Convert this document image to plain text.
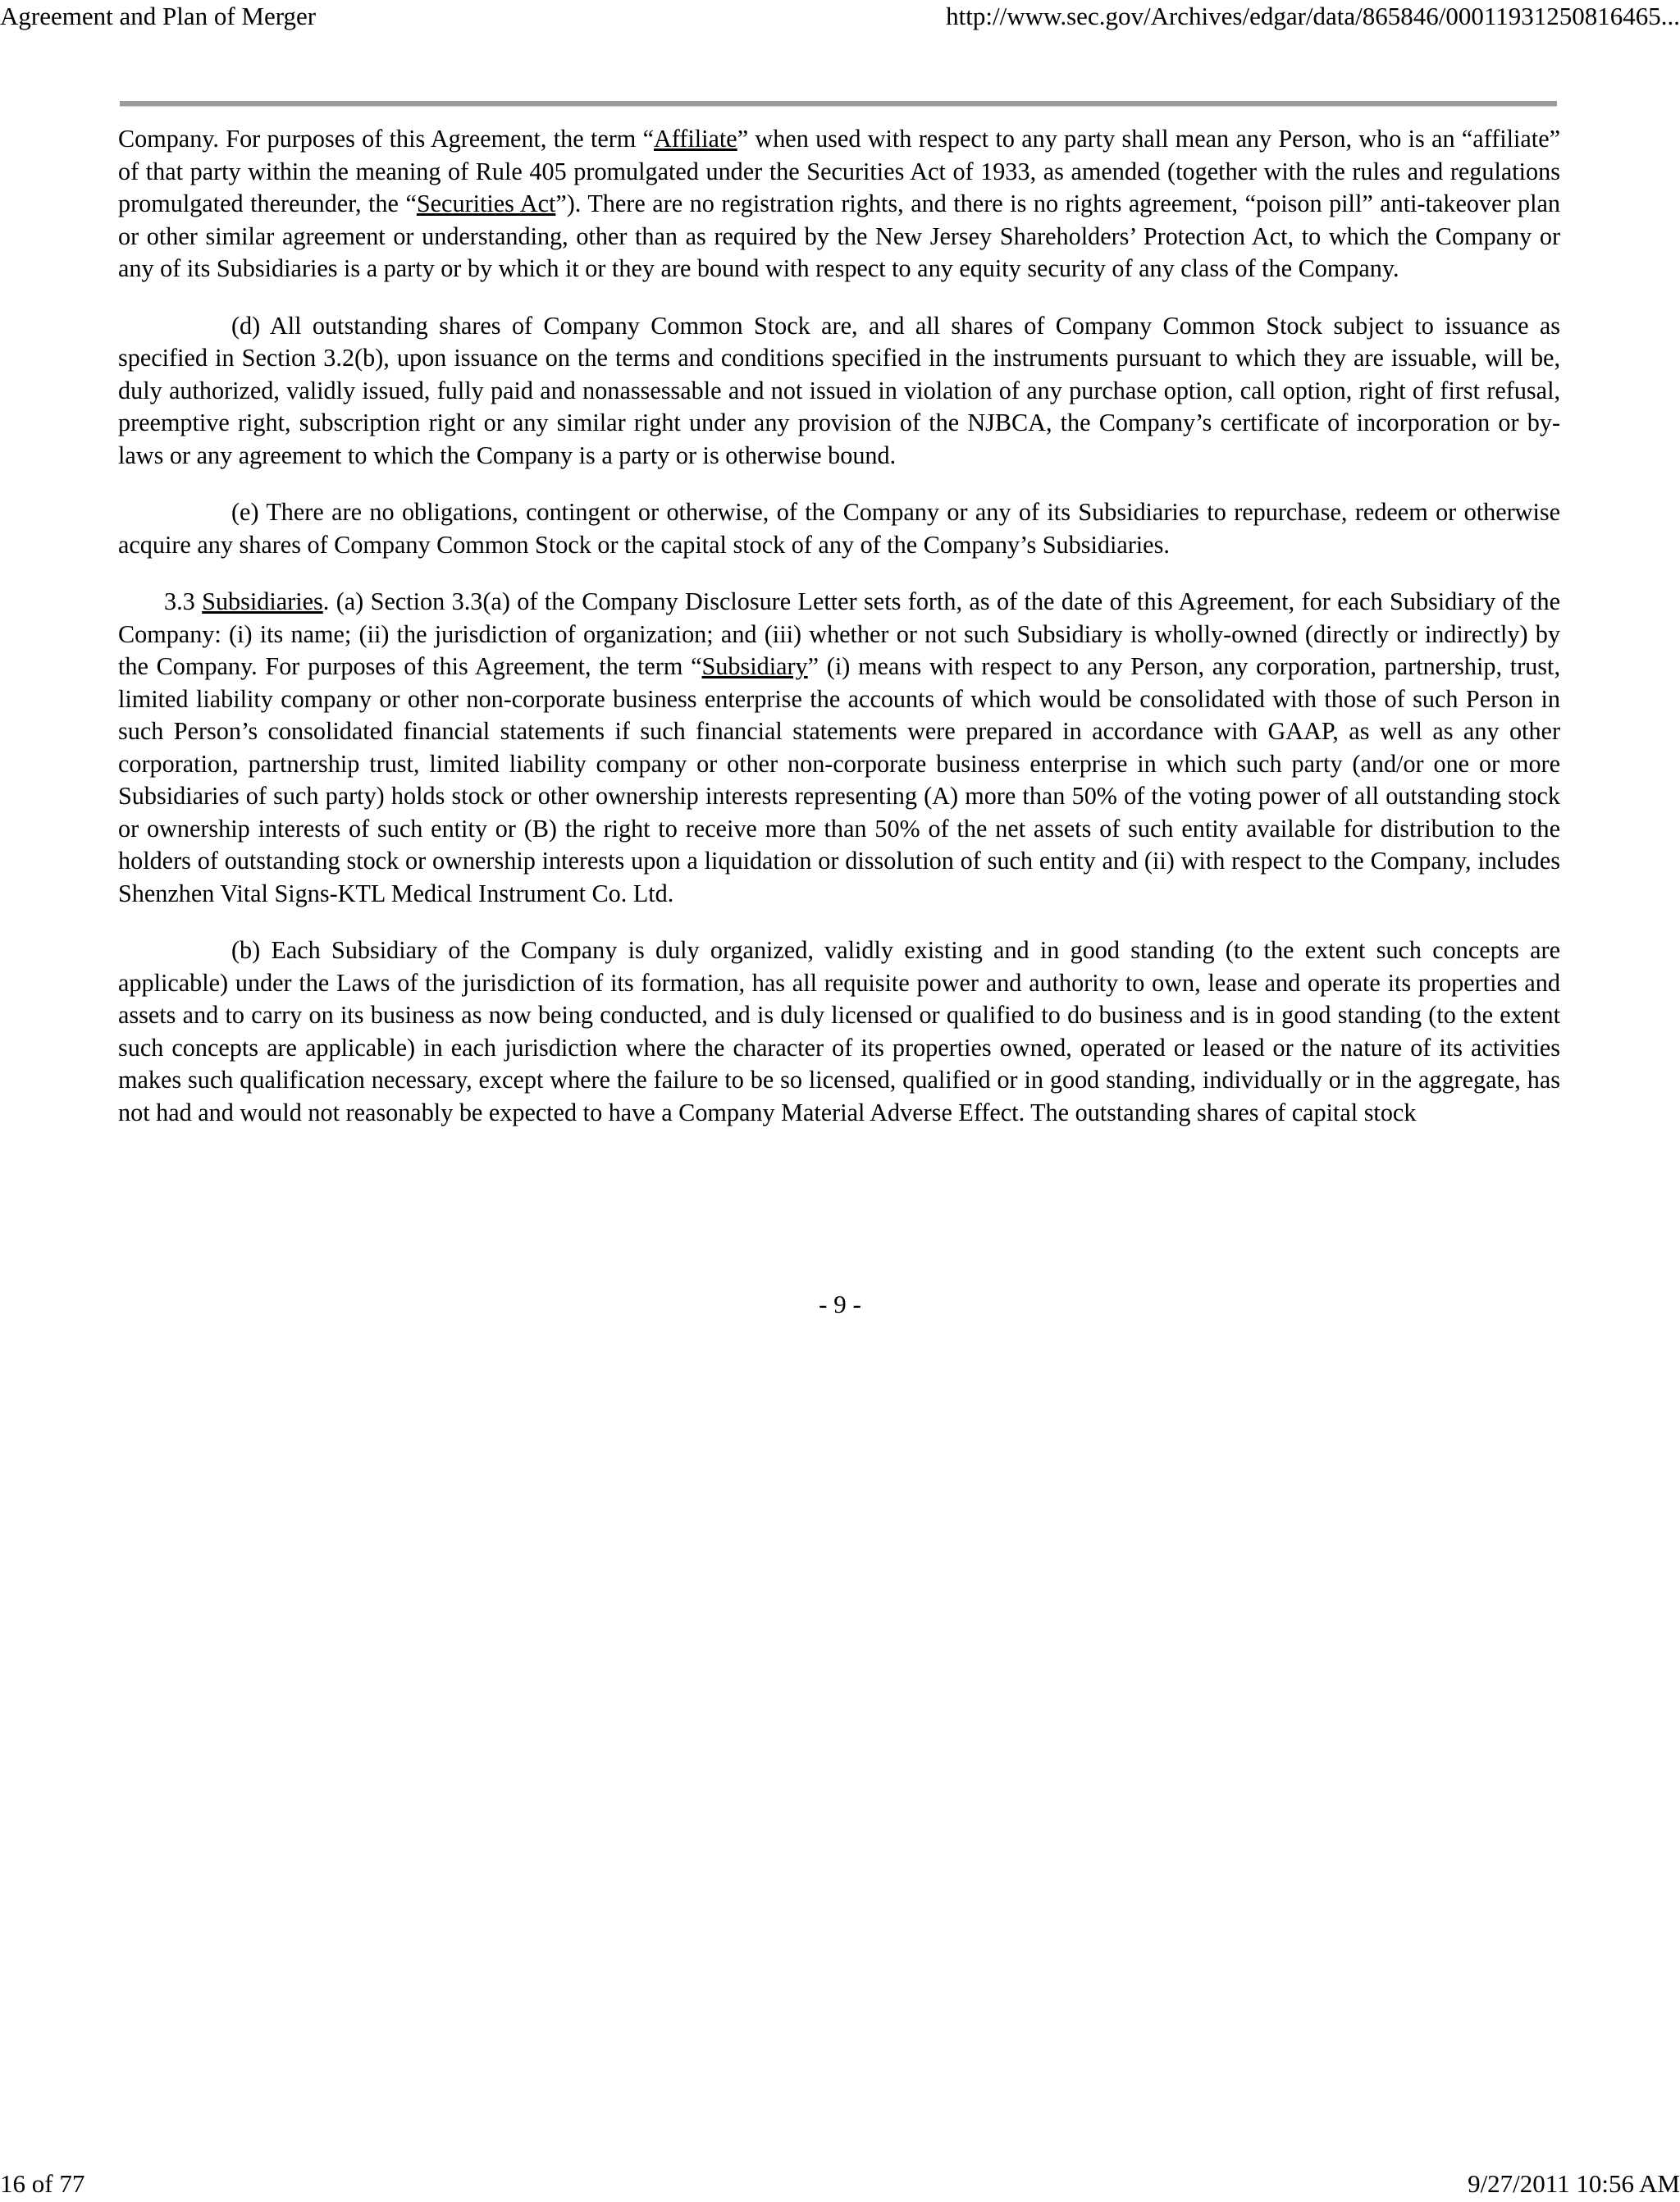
Agreement and Plan of Merger	http://www.sec.gov/Archives/edgar/data/865846/00011931250816465...

Company. For purposes of this Agreement, the term “Affiliate” when used with respect to any party shall mean any Person, who is an “affiliate” of that party within the meaning of Rule 405 promulgated under the Securities Act of 1933, as amended (together with the rules and regulations promulgated thereunder, the “Securities Act”). There are no registration rights, and there is no rights agreement, “poison pill” anti-takeover plan or other similar agreement or understanding, other than as required by the New Jersey Shareholders’ Protection Act, to which the Company or any of its Subsidiaries is a party or by which it or they are bound with respect to any equity security of any class of the Company.

(d) All outstanding shares of Company Common Stock are, and all shares of Company Common Stock subject to issuance as specified in Section 3.2(b), upon issuance on the terms and conditions specified in the instruments pursuant to which they are issuable, will be, duly authorized, validly issued, fully paid and nonassessable and not issued in violation of any purchase option, call option, right of first refusal, preemptive right, subscription right or any similar right under any provision of the NJBCA, the Company’s certificate of incorporation or by-laws or any agreement to which the Company is a party or is otherwise bound.

(e) There are no obligations, contingent or otherwise, of the Company or any of its Subsidiaries to repurchase, redeem or otherwise acquire any shares of Company Common Stock or the capital stock of any of the Company’s Subsidiaries.

3.3 Subsidiaries. (a) Section 3.3(a) of the Company Disclosure Letter sets forth, as of the date of this Agreement, for each Subsidiary of the Company: (i) its name; (ii) the jurisdiction of organization; and (iii) whether or not such Subsidiary is wholly-owned (directly or indirectly) by the Company. For purposes of this Agreement, the term “Subsidiary” (i) means with respect to any Person, any corporation, partnership, trust, limited liability company or other non-corporate business enterprise the accounts of which would be consolidated with those of such Person in such Person’s consolidated financial statements if such financial statements were prepared in accordance with GAAP, as well as any other corporation, partnership trust, limited liability company or other non-corporate business enterprise in which such party (and/or one or more Subsidiaries of such party) holds stock or other ownership interests representing (A) more than 50% of the voting power of all outstanding stock or ownership interests of such entity or (B) the right to receive more than 50% of the net assets of such entity available for distribution to the holders of outstanding stock or ownership interests upon a liquidation or dissolution of such entity and (ii) with respect to the Company, includes Shenzhen Vital Signs-KTL Medical Instrument Co. Ltd.

(b) Each Subsidiary of the Company is duly organized, validly existing and in good standing (to the extent such concepts are applicable) under the Laws of the jurisdiction of its formation, has all requisite power and authority to own, lease and operate its properties and assets and to carry on its business as now being conducted, and is duly licensed or qualified to do business and is in good standing (to the extent such concepts are applicable) in each jurisdiction where the character of its properties owned, operated or leased or the nature of its activities makes such qualification necessary, except where the failure to be so licensed, qualified or in good standing, individually or in the aggregate, has not had and would not reasonably be expected to have a Company Material Adverse Effect. The outstanding shares of capital stock

- 9 -
16 of 77	9/27/2011 10:56 AM
